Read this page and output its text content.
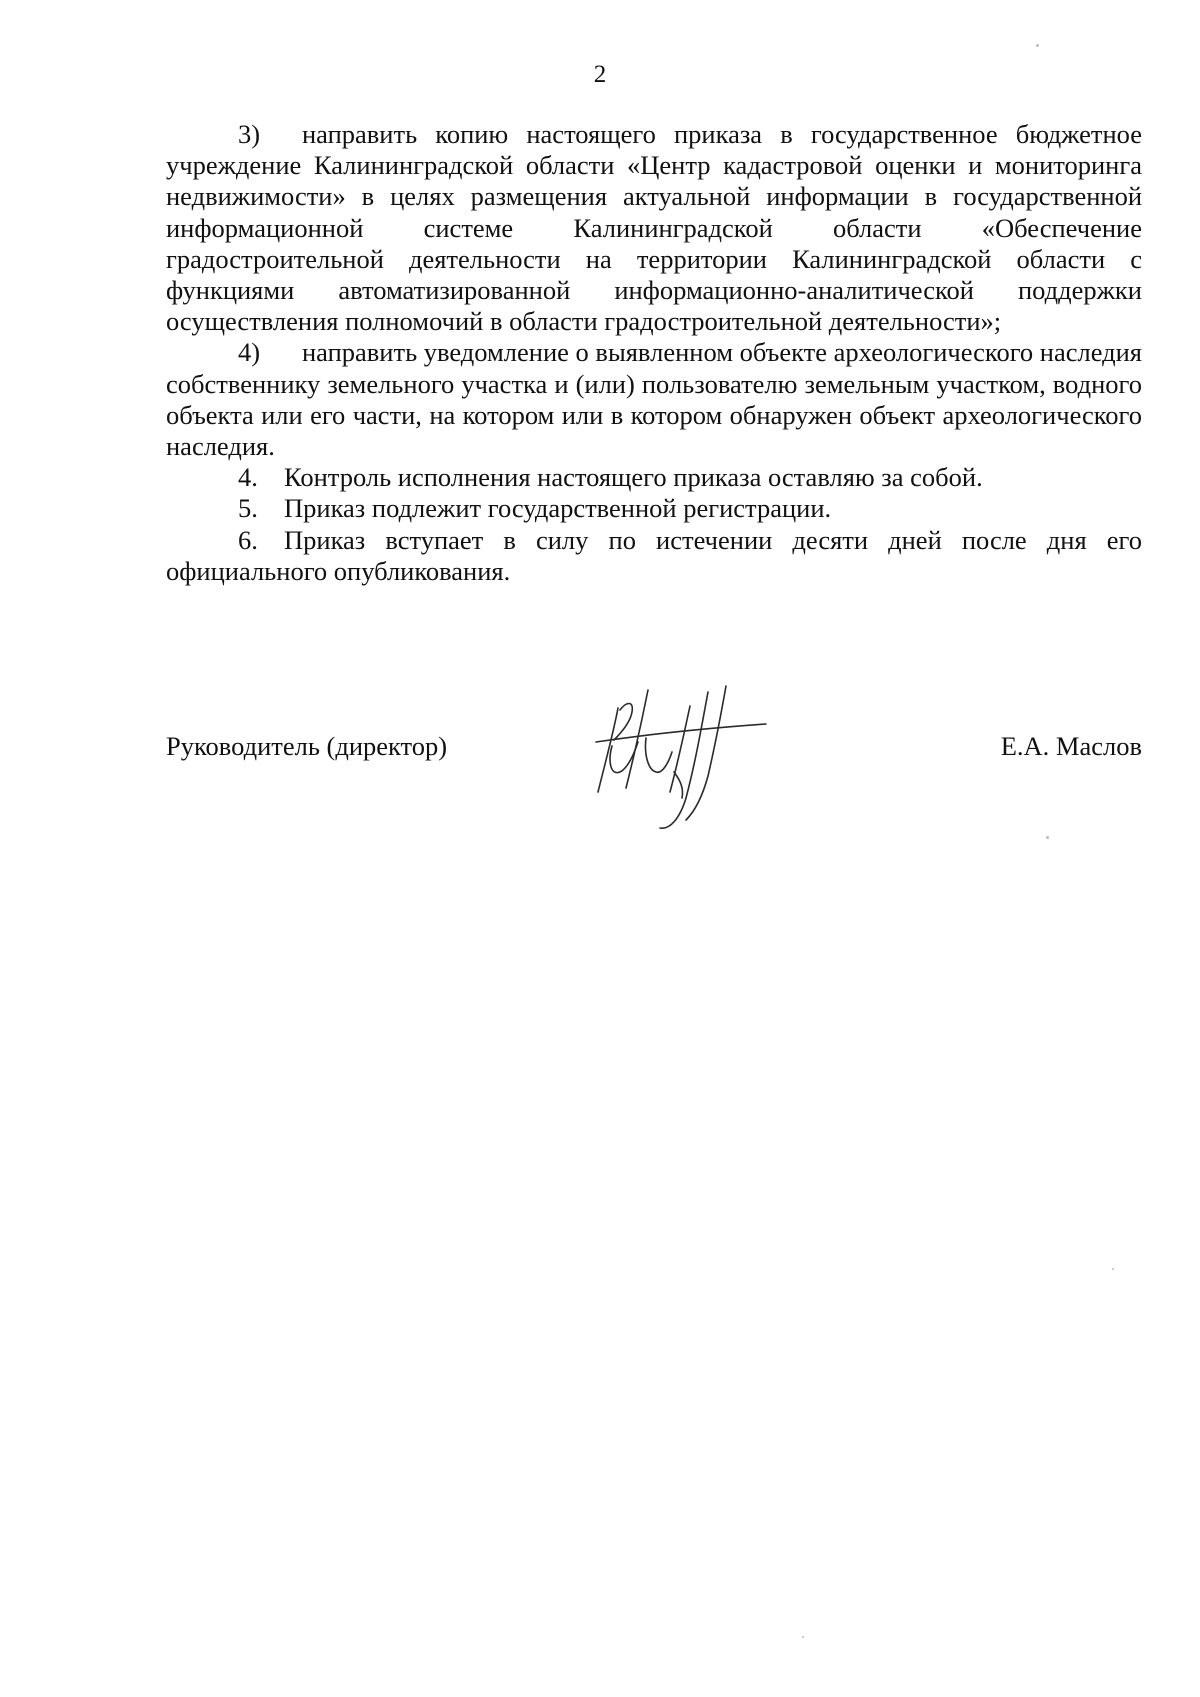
2

3) направить копию настоящего приказа в государственное бюджетное учреждение Калининградской области «Центр кадастровой оценки и мониторинга недвижимости» в целях размещения актуальной информации в государственной информационной системе Калининградской области «Обеспечение градостроительной деятельности на территории Калининградской области с функциями автоматизированной информационно-аналитической поддержки осуществления полномочий в области градостроительной деятельности»;

4) направить уведомление о выявленном объекте археологического наследия собственнику земельного участка и (или) пользователю земельным участком, водного объекта или его части, на котором или в котором обнаружен объект археологического наследия.

4. Контроль исполнения настоящего приказа оставляю за собой.

5. Приказ подлежит государственной регистрации.

6. Приказ вступает в силу по истечении десяти дней после дня его официального опубликования.

Руководитель (директор)	Е.А. Маслов
